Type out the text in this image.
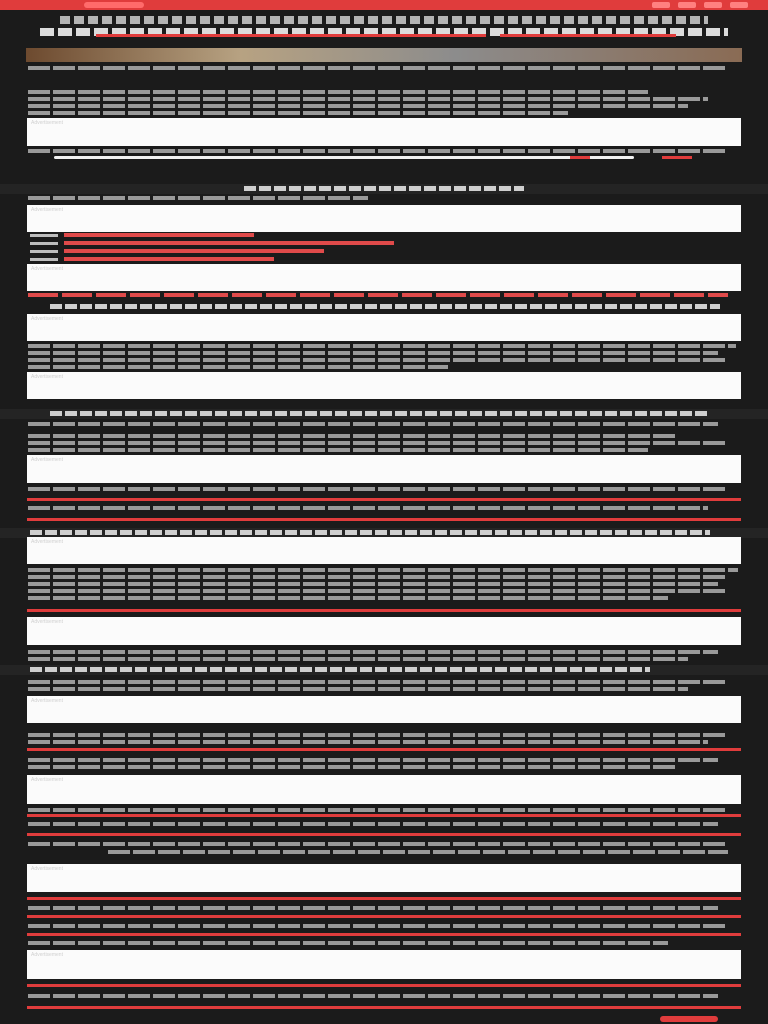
Advertisement
Advertisement
Advertisement
Advertisement
Advertisement
Advertisement
Advertisement
Advertisement
Advertisement
Advertisement
Advertisement
Advertisement
